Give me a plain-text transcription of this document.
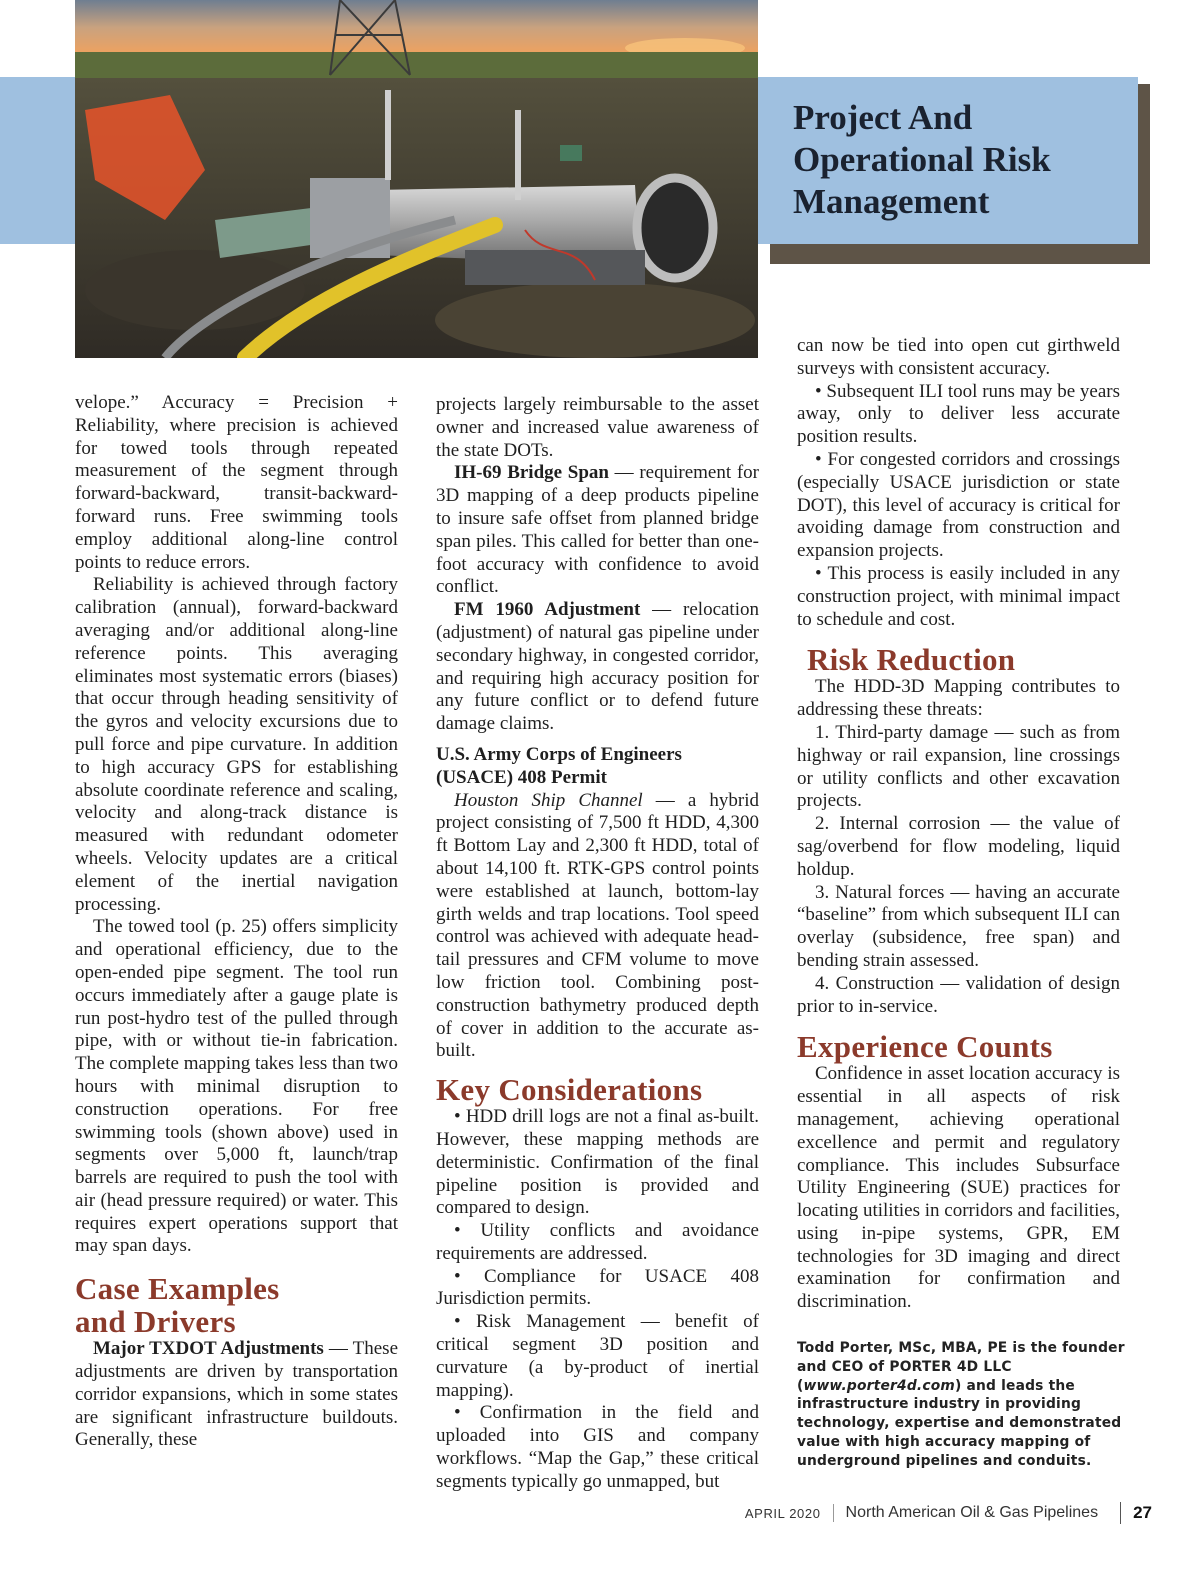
Project And
Operational Risk
Management

velope.” Accuracy = Precision + Reliability, where precision is achieved for towed tools through repeated measurement of the segment through forward-backward, transit-backward-forward runs. Free swimming tools employ additional along-line control points to reduce errors.

Reliability is achieved through factory calibration (annual), forward-backward averaging and/or additional along-line reference points. This averaging eliminates most systematic errors (biases) that occur through heading sensitivity of the gyros and velocity excursions due to pull force and pipe curvature. In addition to high accuracy GPS for establishing absolute coordinate reference and scaling, velocity and along-track distance is measured with redundant odometer wheels. Velocity updates are a critical element of the inertial navigation processing.

The towed tool (p. 25) offers simplicity and operational efficiency, due to the open-ended pipe segment. The tool run occurs immediately after a gauge plate is run post-hydro test of the pulled through pipe, with or without tie-in fabrication. The complete mapping takes less than two hours with minimal disruption to construction operations. For free swimming tools (shown above) used in segments over 5,000 ft, launch/trap barrels are required to push the tool with air (head pressure required) or water. This requires expert operations support that may span days.

Case Examples and Drivers

Major TXDOT Adjustments — These adjustments are driven by transportation corridor expansions, which in some states are significant infrastructure buildouts. Generally, these

projects largely reimbursable to the asset owner and increased value awareness of the state DOTs.

IH-69 Bridge Span — requirement for 3D mapping of a deep products pipeline to insure safe offset from planned bridge span piles. This called for better than one-foot accuracy with confidence to avoid conflict.

FM 1960 Adjustment — relocation (adjustment) of natural gas pipeline under secondary highway, in congested corridor, and requiring high accuracy position for any future conflict or to defend future damage claims.

U.S. Army Corps of Engineers (USACE) 408 Permit

Houston Ship Channel — a hybrid project consisting of 7,500 ft HDD, 4,300 ft Bottom Lay and 2,300 ft HDD, total of about 14,100 ft. RTK-GPS control points were established at launch, bottom-lay girth welds and trap locations. Tool speed control was achieved with adequate head-tail pressures and CFM volume to move low friction tool. Combining post-construction bathymetry produced depth of cover in addition to the accurate as-built.

Key Considerations

• HDD drill logs are not a final as-built. However, these mapping methods are deterministic. Confirmation of the final pipeline position is provided and compared to design.

• Utility conflicts and avoidance requirements are addressed.

• Compliance for USACE 408 Jurisdiction permits.

• Risk Management — benefit of critical segment 3D position and curvature (a by-product of inertial mapping).

• Confirmation in the field and uploaded into GIS and company workflows. “Map the Gap,” these critical segments typically go unmapped, but

can now be tied into open cut girthweld surveys with consistent accuracy.

• Subsequent ILI tool runs may be years away, only to deliver less accurate position results.

• For congested corridors and crossings (especially USACE jurisdiction or state DOT), this level of accuracy is critical for avoiding damage from construction and expansion projects.

• This process is easily included in any construction project, with minimal impact to schedule and cost.

Risk Reduction

The HDD-3D Mapping contributes to addressing these threats:

1. Third-party damage — such as from highway or rail expansion, line crossings or utility conflicts and other excavation projects.

2. Internal corrosion — the value of sag/overbend for flow modeling, liquid holdup.

3. Natural forces — having an accurate “baseline” from which subsequent ILI can overlay (subsidence, free span) and bending strain assessed.

4. Construction — validation of design prior to in-service.

Experience Counts

Confidence in asset location accuracy is essential in all aspects of risk management, achieving operational excellence and permit and regulatory compliance. This includes Subsurface Utility Engineering (SUE) practices for locating utilities in corridors and facilities, using in-pipe systems, GPR, EM technologies for 3D imaging and direct examination for confirmation and discrimination.

Todd Porter, MSc, MBA, PE is the founder and CEO of PORTER 4D LLC (www.porter4d.com) and leads the infrastructure industry in providing technology, expertise and demonstrated value with high accuracy mapping of underground pipelines and conduits.
APRIL 2020 North American Oil & Gas Pipelines 27
